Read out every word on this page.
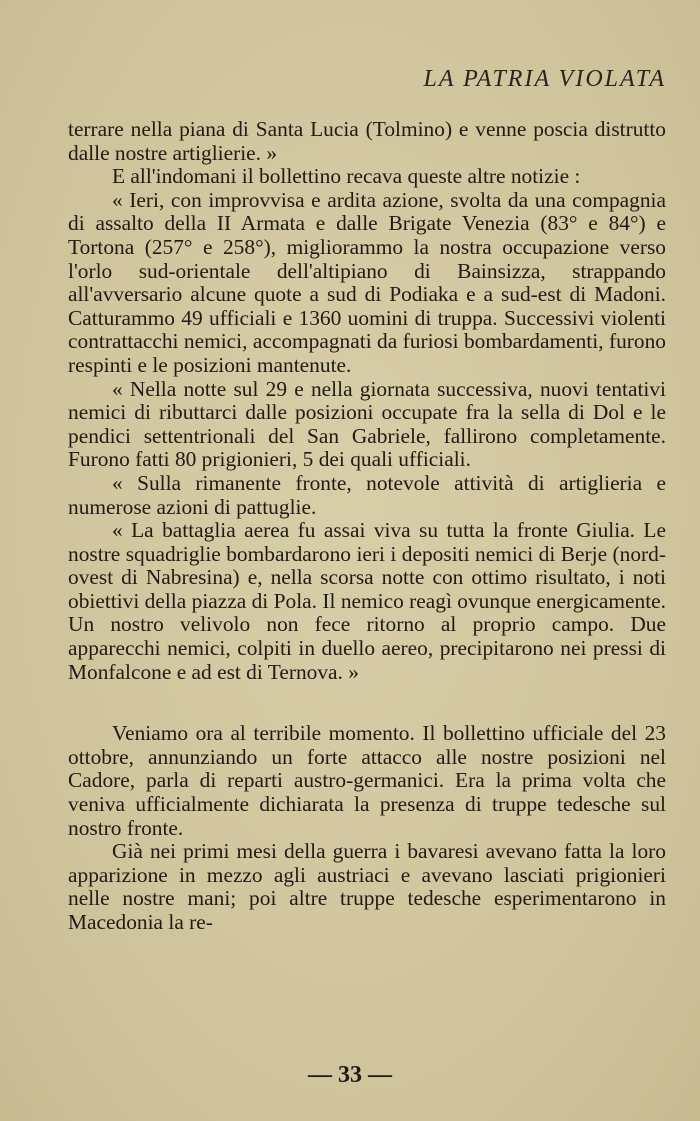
LA PATRIA VIOLATA

terrare nella piana di Santa Lucia (Tolmino) e venne poscia distrutto dalle nostre artiglierie. »

E all'indomani il bollettino recava queste altre notizie :

« Ieri, con improvvisa e ardita azione, svolta da una compagnia di assalto della II Armata e dalle Brigate Venezia (83° e 84°) e Tortona (257° e 258°), migliorammo la nostra occupazione verso l'orlo sud-orientale dell'altipiano di Bainsizza, strappando all'avversario alcune quote a sud di Podiaka e a sud-est di Madoni. Catturammo 49 ufficiali e 1360 uomini di truppa. Successivi violenti contrattacchi nemici, accompagnati da furiosi bombardamenti, furono respinti e le posizioni mantenute.

« Nella notte sul 29 e nella giornata successiva, nuovi tentativi nemici di ributtarci dalle posizioni occupate fra la sella di Dol e le pendici settentrionali del San Gabriele, fallirono completamente. Furono fatti 80 prigionieri, 5 dei quali ufficiali.

« Sulla rimanente fronte, notevole attività di artiglieria e numerose azioni di pattuglie.

« La battaglia aerea fu assai viva su tutta la fronte Giulia. Le nostre squadriglie bombardarono ieri i depositi nemici di Berje (nord-ovest di Nabresina) e, nella scorsa notte con ottimo risultato, i noti obiettivi della piazza di Pola. Il nemico reagì ovunque energicamente. Un nostro velivolo non fece ritorno al proprio campo. Due apparecchi nemici, colpiti in duello aereo, precipitarono nei pressi di Monfalcone e ad est di Ternova. »

Veniamo ora al terribile momento. Il bollettino ufficiale del 23 ottobre, annunziando un forte attacco alle nostre posizioni nel Cadore, parla di reparti austro-germanici. Era la prima volta che veniva ufficialmente dichiarata la presenza di truppe tedesche sul nostro fronte.

Già nei primi mesi della guerra i bavaresi avevano fatta la loro apparizione in mezzo agli austriaci e avevano lasciati prigionieri nelle nostre mani; poi altre truppe tedesche esperimentarono in Macedonia la re-

— 33 —
